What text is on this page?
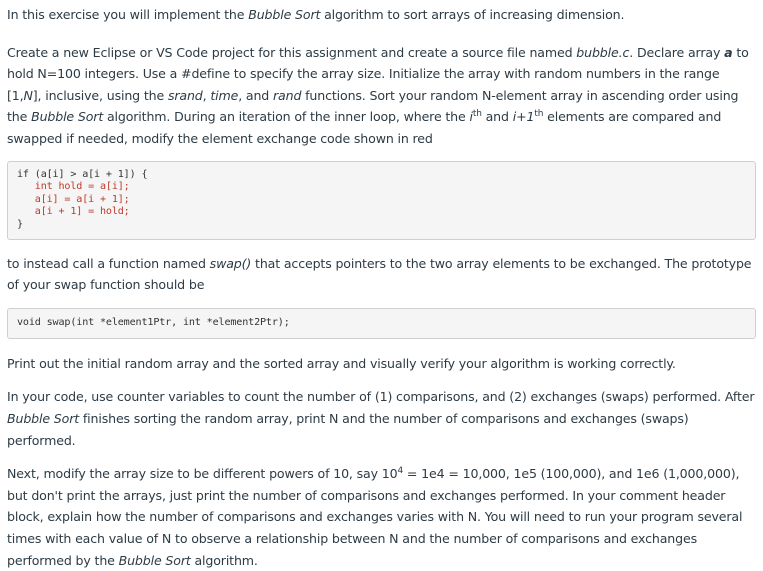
In this exercise you will implement the Bubble Sort algorithm to sort arrays of increasing dimension.

Create a new Eclipse or VS Code project for this assignment and create a source file named bubble.c. Declare array a to hold N=100 integers. Use a #define to specify the array size. Initialize the array with random numbers in the range [1,N], inclusive, using the srand, time, and rand functions. Sort your random N-element array in ascending order using the Bubble Sort algorithm. During an iteration of the inner loop, where the $i^{th}$ and i+1th elements are compared and swapped if needed, modify the element exchange code shown in red

if (a[i] > a[i + 1]) {
int hold = a[i];
a[i] = a[i + 1];
a[i + 1] = hold;
}

to instead call a function named swap() that accepts pointers to the two array elements to be exchanged. The prototype of your swap function should be

void swap(int *element1Ptr, int *element2Ptr);

Print out the initial random array and the sorted array and visually verify your algorithm is working correctly.

In your code, use counter variables to count the number of (1) comparisons, and (2) exchanges (swaps) performed. After Bubble Sort finishes sorting the random array, print N and the number of comparisons and exchanges (swaps) performed.

Next, modify the array size to be different powers of 10, say $10^4 = 1e4 = 10,000$, 1e5 (100,000), and 1e6 (1,000,000), but don't print the arrays, just print the number of comparisons and exchanges performed. In your comment header block, explain how the number of comparisons and exchanges varies with N. You will need to run your program several times with each value of N to observe a relationship between N and the number of comparisons and exchanges performed by the Bubble Sort algorithm.
